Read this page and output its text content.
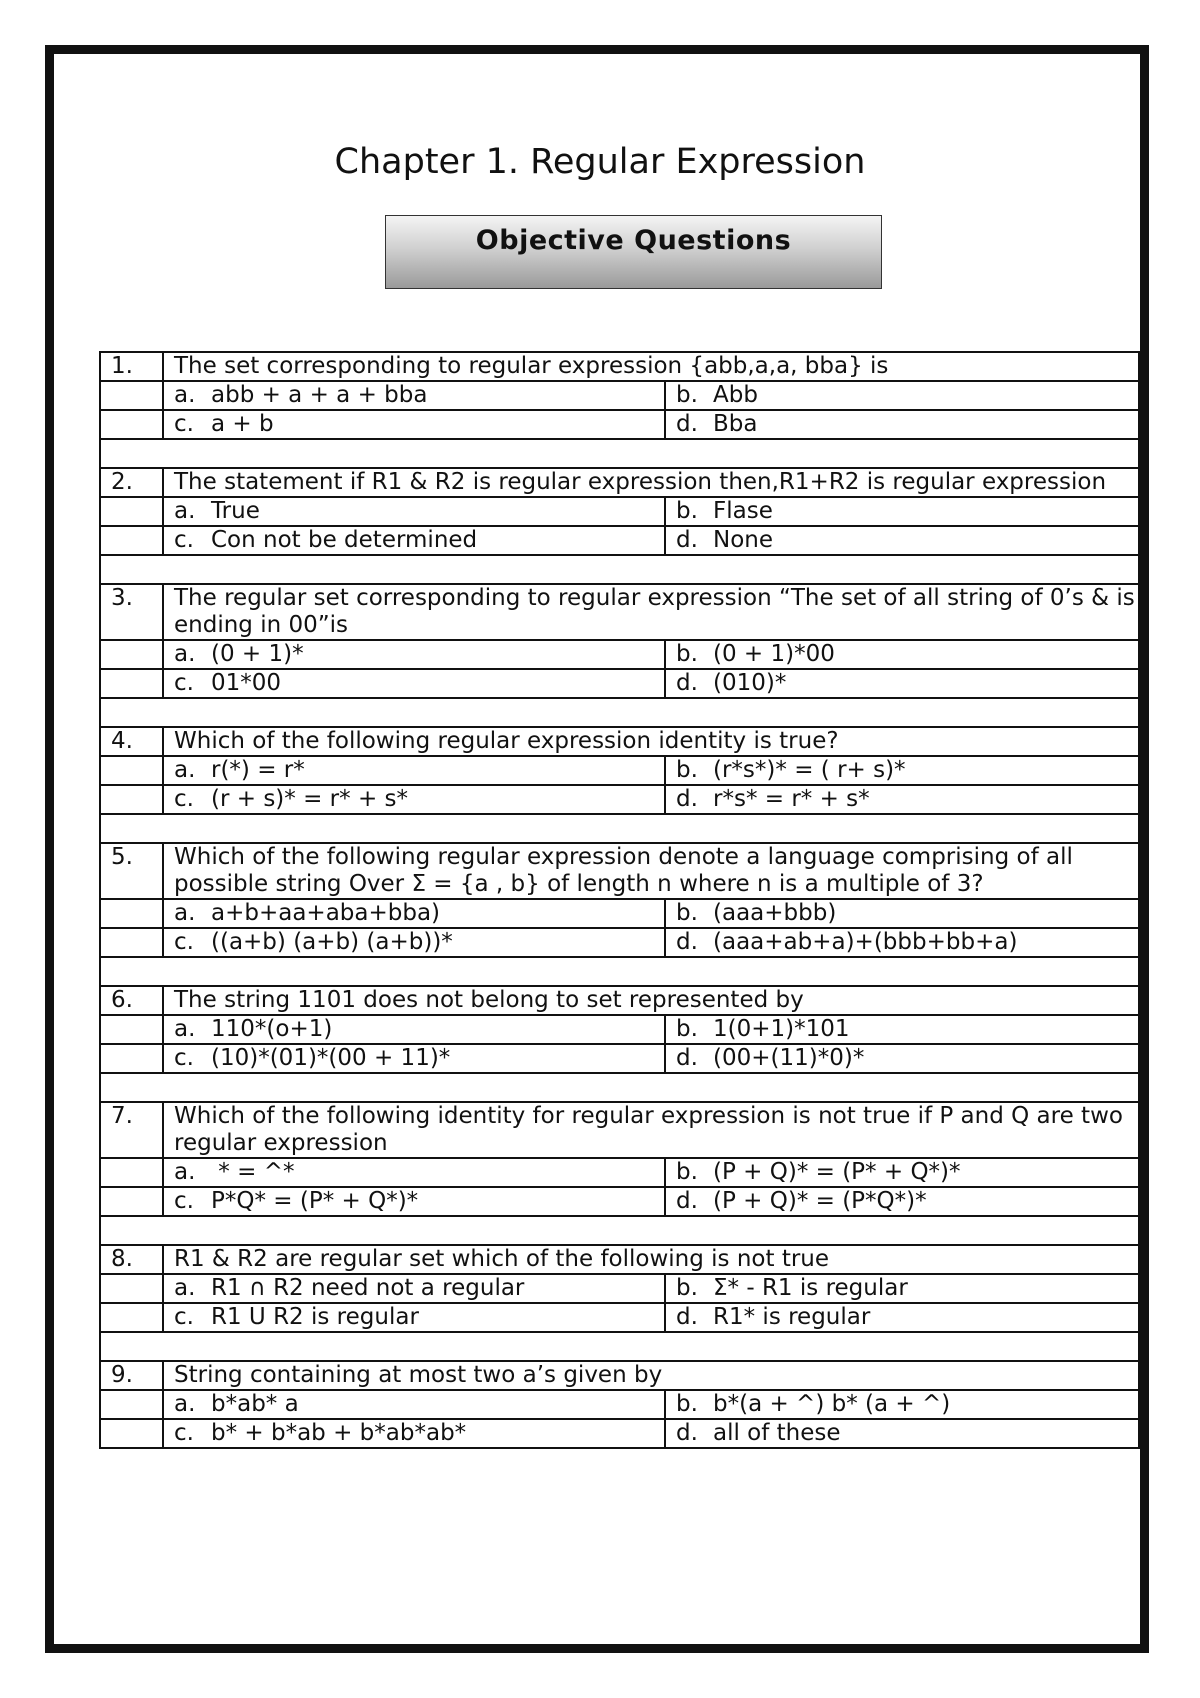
Chapter 1. Regular Expression
Objective Questions
1.	The set corresponding to regular expression {abb,a,a, bba} is	
	a. abb + a + a + bba	b. Abb
	c. a + b	d. Bba

2.	The statement if R1 & R2 is regular expression then,R1+R2 is regular expression	
	a. True	b. Flase
	c. Con not be determined	d. None

3.	The regular set corresponding to regular expression “The set of all string of 0’s & is ending in 00”is	
	a. (0 + 1)*	b. (0 + 1)*00
	c. 01*00	d. (010)*

4.	Which of the following regular expression identity is true?	
	a. r(*) = r*	b. (r*s*)* = ( r+ s)*
	c. (r + s)* = r* + s*	d. r*s* = r* + s*

5.	Which of the following regular expression denote a language comprising of all possible string Over Σ = {a , b} of length n where n is a multiple of 3?	
	a. a+b+aa+aba+bba)	b. (aaa+bbb)
	c. ((a+b) (a+b) (a+b))*	d. (aaa+ab+a)+(bbb+bb+a)

6.	The string 1101 does not belong to set represented by	
	a. 110*(o+1)	b. 1(0+1)*101
	c. (10)*(01)*(00 + 11)*	d. (00+(11)*0)*

7.	Which of the following identity for regular expression is not true if P and Q are two regular expression	
	a. * = ^*	b. (P + Q)* = (P* + Q*)*
	c. P*Q* = (P* + Q*)*	d. (P + Q)* = (P*Q*)*

8.	R1 & R2 are regular set which of the following is not true	
	a. R1 ∩ R2 need not a regular	b. Σ* - R1 is regular
	c. R1 U R2 is regular	d. R1* is regular

9.	String containing at most two a’s given by	
	a. b*ab* a	b. b*(a + ^) b* (a + ^)
	c. b* + b*ab + b*ab*ab*	d. all of these
